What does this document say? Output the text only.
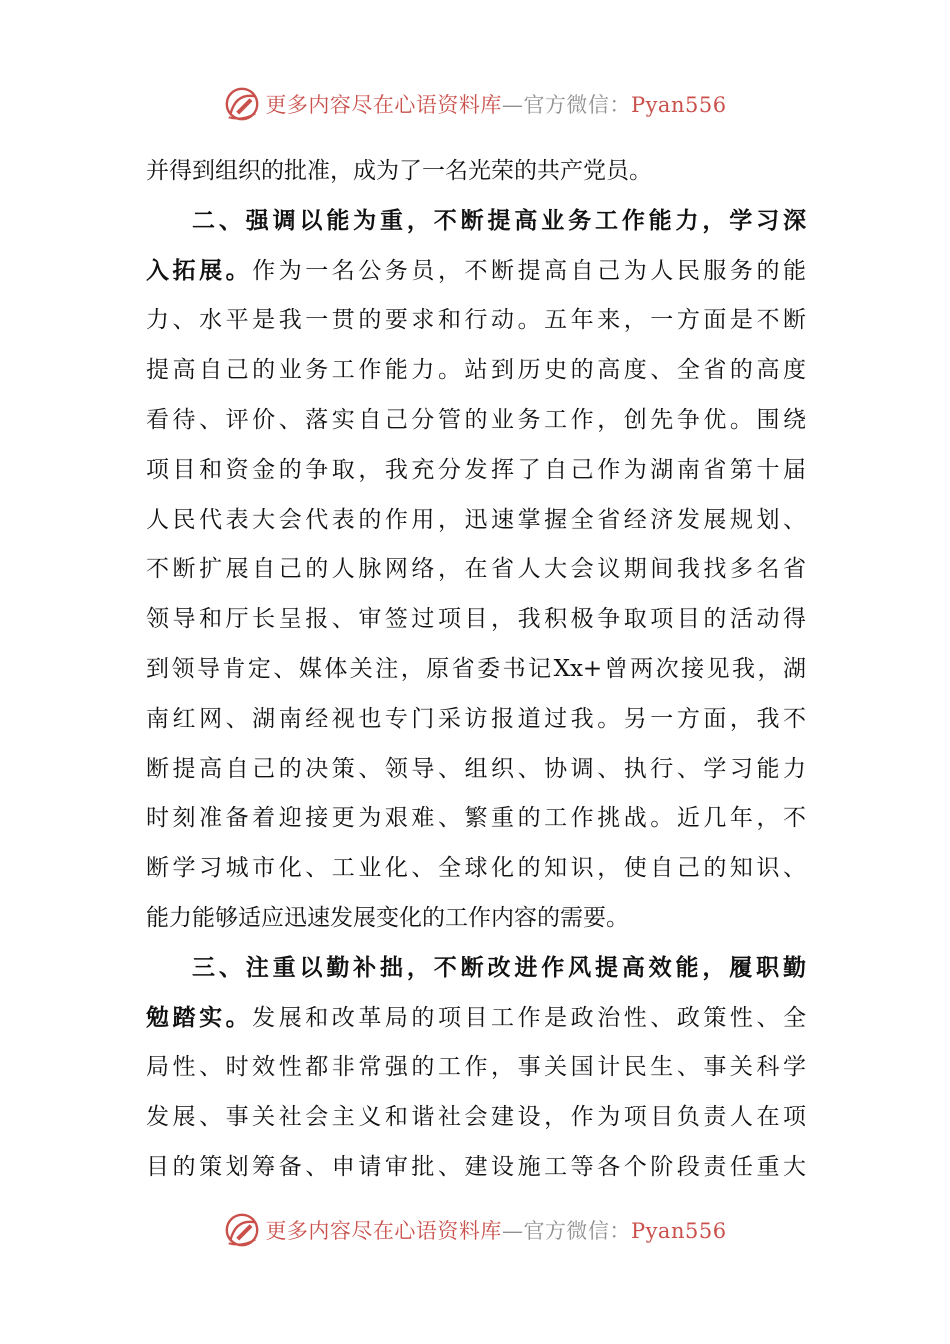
更多内容尽在心语资料库—官方微信：Pyan556
并得到组织的批准，成为了一名光荣的共产党员。
二、强调以能为重，不断提高业务工作能力，学习深
入拓展。作为一名公务员，不断提高自己为人民服务的能
力、水平是我一贯的要求和行动。五年来，一方面是不断
提高自己的业务工作能力。站到历史的高度、全省的高度
看待、评价、落实自己分管的业务工作，创先争优。围绕
项目和资金的争取，我充分发挥了自己作为湖南省第十届
人民代表大会代表的作用，迅速掌握全省经济发展规划、
不断扩展自己的人脉网络，在省人大会议期间我找多名省
领导和厅长呈报、审签过项目，我积极争取项目的活动得
到领导肯定、媒体关注，原省委书记Xx+曾两次接见我，湖
南红网、湖南经视也专门采访报道过我。另一方面，我不
断提高自己的决策、领导、组织、协调、执行、学习能力
时刻准备着迎接更为艰难、繁重的工作挑战。近几年，不
断学习城市化、工业化、全球化的知识，使自己的知识、
能力能够适应迅速发展变化的工作内容的需要。
三、注重以勤补拙，不断改进作风提高效能，履职勤
勉踏实。发展和改革局的项目工作是政治性、政策性、全
局性、时效性都非常强的工作，事关国计民生、事关科学
发展、事关社会主义和谐社会建设，作为项目负责人在项
目的策划筹备、申请审批、建设施工等各个阶段责任重大
更多内容尽在心语资料库—官方微信：Pyan556
